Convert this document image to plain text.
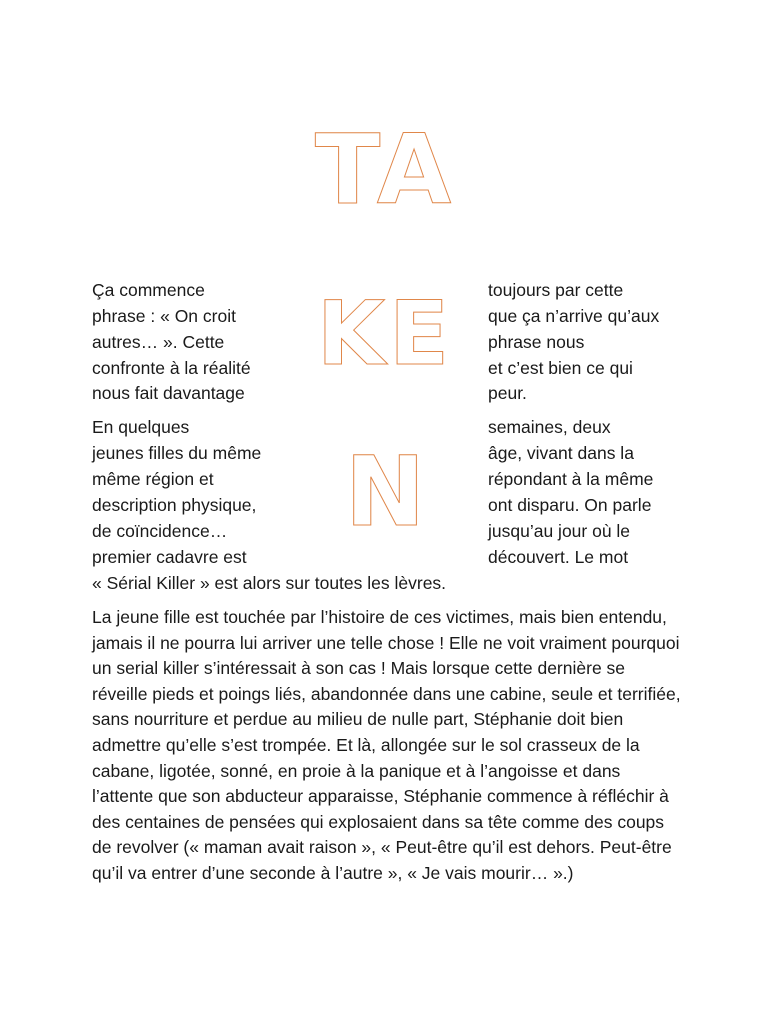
TA
KE
N
Ça commence
phrase : « On croit
autres… ». Cette
confronte à la réalité
nous fait davantage
toujours par cette
que ça n’arrive qu’aux
phrase nous
et c’est bien ce qui
peur.
En quelques
jeunes filles du même
même région et
description physique,
de coïncidence…
premier cadavre est
semaines, deux
âge, vivant dans la
répondant à la même
ont disparu. On parle
jusqu’au jour où le
découvert. Le mot
« Sérial Killer » est alors sur toutes les lèvres.
La jeune fille est touchée par l’histoire de ces victimes, mais bien entendu, jamais il ne pourra lui arriver une telle chose ! Elle ne voit vraiment pourquoi un serial killer s’intéressait à son cas ! Mais lorsque cette dernière se réveille pieds et poings liés, abandonnée dans une cabine, seule et terrifiée, sans nourriture et perdue au milieu de nulle part, Stéphanie doit bien admettre qu’elle s’est trompée. Et là, allongée sur le sol crasseux de la cabane, ligotée, sonné, en proie à la panique et à l’angoisse et dans l’attente que son abducteur apparaisse, Stéphanie commence à réfléchir à des centaines de pensées qui explosaient dans sa tête comme des coups de revolver (« maman avait raison », « Peut-être qu’il est dehors. Peut-être qu’il va entrer d’une seconde à l’autre », « Je vais mourir… ».)
